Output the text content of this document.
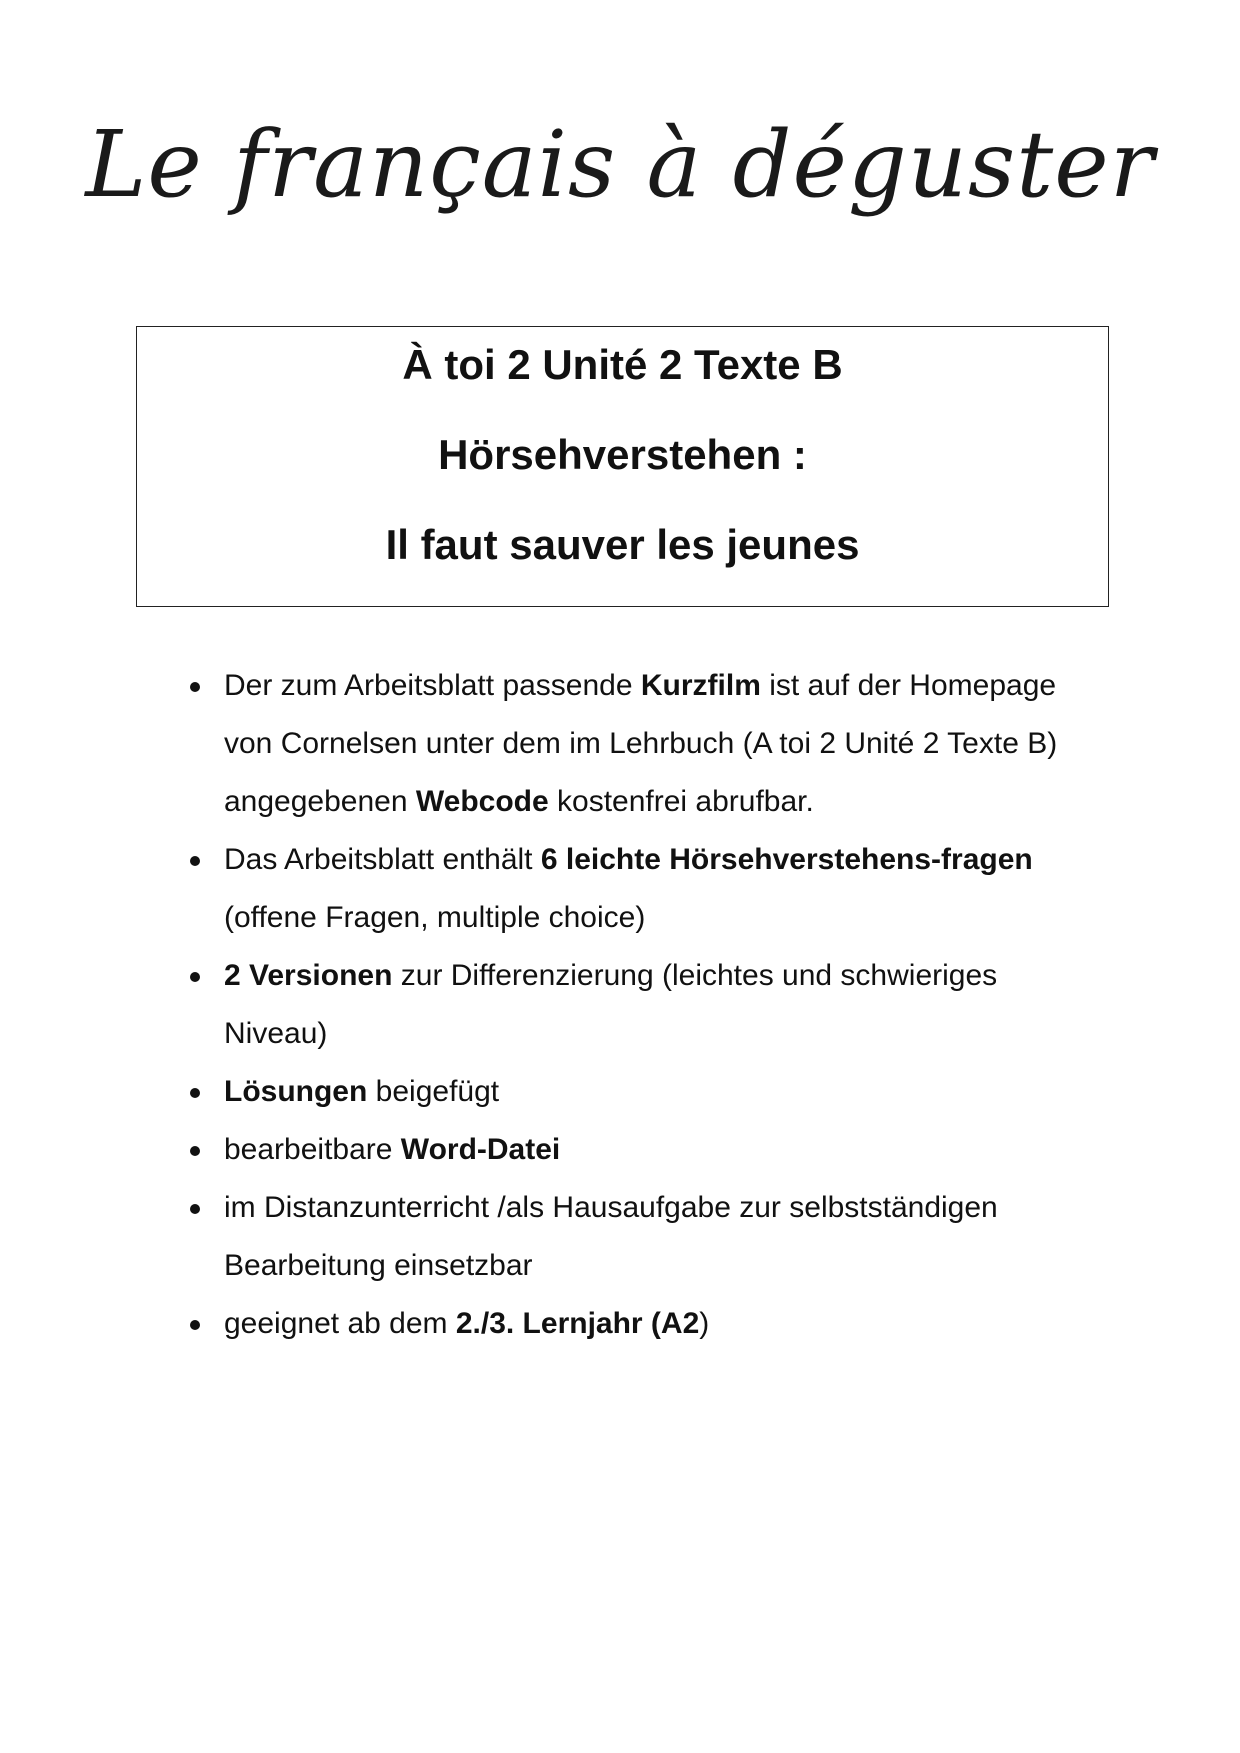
Le français à déguster
À toi 2 Unité 2 Texte B
Hörsehverstehen :
Il faut sauver les jeunes
Der zum Arbeitsblatt passende Kurzfilm ist auf der Homepage von Cornelsen unter dem im Lehrbuch (A toi 2 Unité 2 Texte B) angegebenen Webcode kostenfrei abrufbar.
Das Arbeitsblatt enthält 6 leichte Hörsehverstehens-fragen (offene Fragen, multiple choice)
2 Versionen zur Differenzierung (leichtes und schwieriges Niveau)
Lösungen beigefügt
bearbeitbare Word-Datei
im Distanzunterricht /als Hausaufgabe zur selbstständigen Bearbeitung einsetzbar
geeignet ab dem 2./3. Lernjahr (A2)
